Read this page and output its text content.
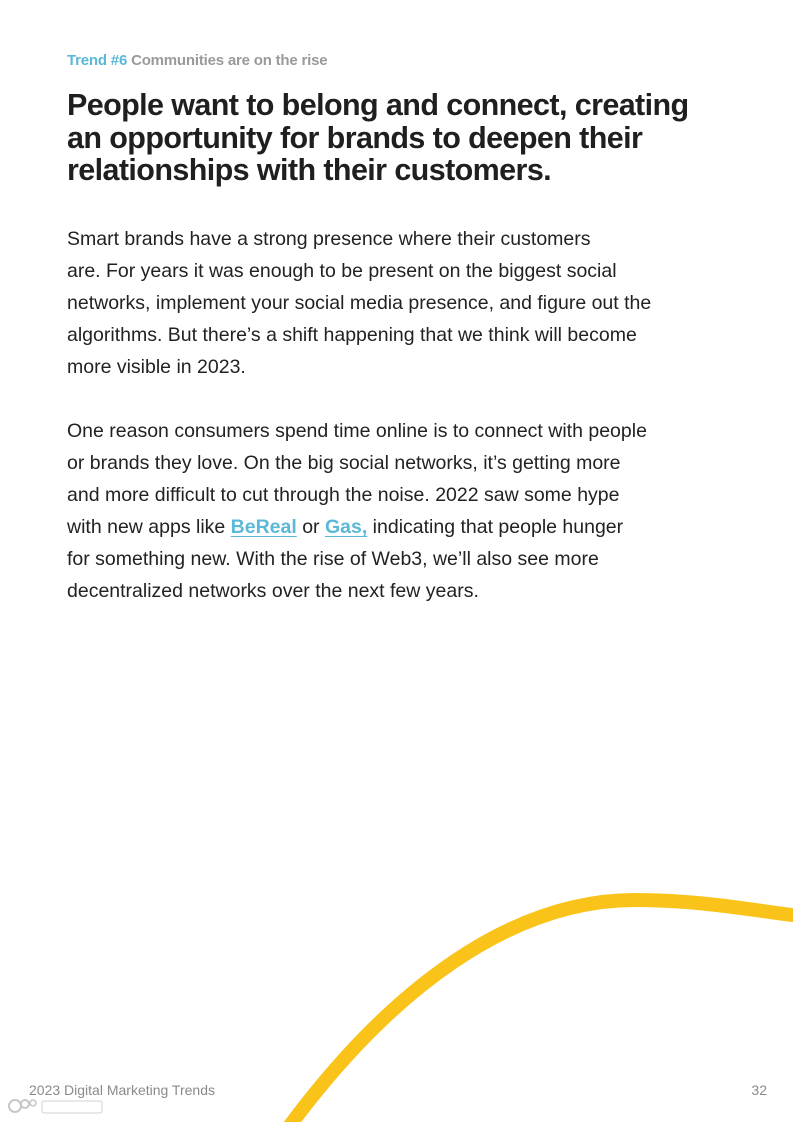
Trend #6 Communities are on the rise
People want to belong and connect, creating
an opportunity for brands to deepen their
relationships with their customers.
Smart brands have a strong presence where their customers
are. For years it was enough to be present on the biggest social
networks, implement your social media presence, and figure out the
algorithms. But there’s a shift happening that we think will become
more visible in 2023.
One reason consumers spend time online is to connect with people
or brands they love. On the big social networks, it’s getting more
and more difficult to cut through the noise. 2022 saw some hype
with new apps like BeReal or Gas, indicating that people hunger
for something new. With the rise of Web3, we’ll also see more
decentralized networks over the next few years.
2023 Digital Marketing Trends	32
